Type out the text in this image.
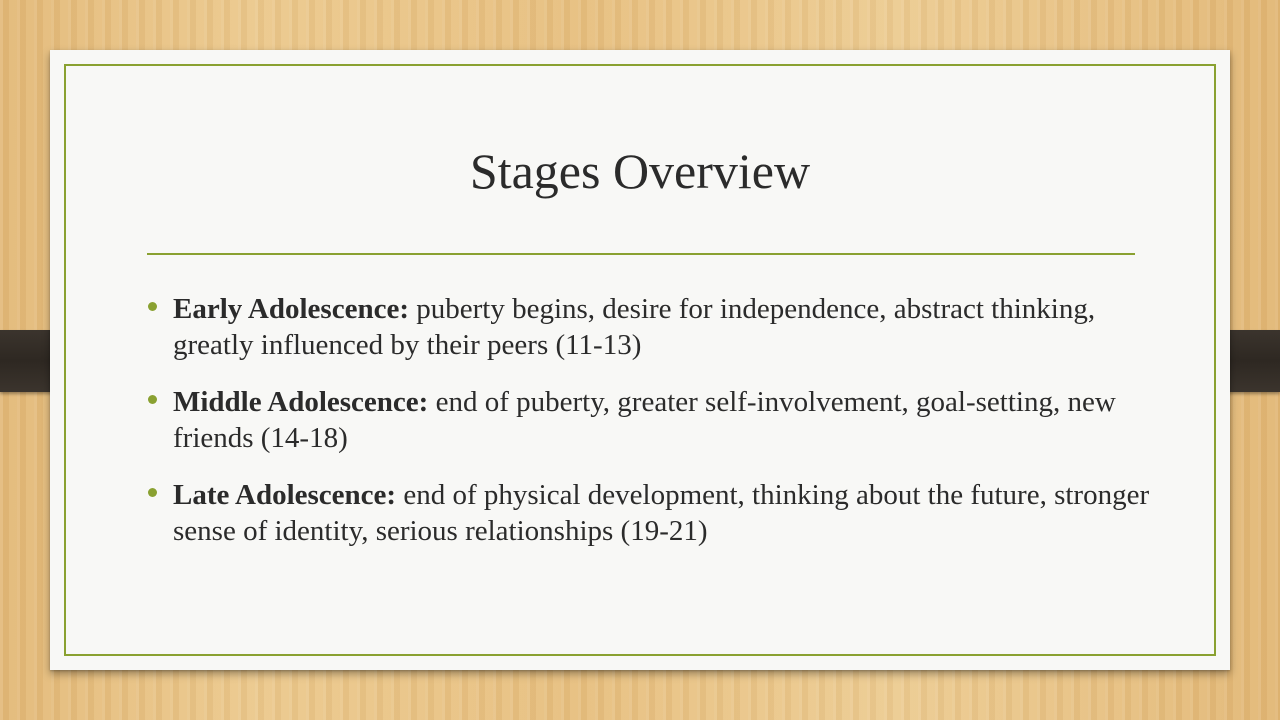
Stages Overview
Early Adolescence: puberty begins, desire for independence, abstract thinking, greatly influenced by their peers (11-13)
Middle Adolescence: end of puberty, greater self-involvement, goal-setting, new friends (14-18)
Late Adolescence: end of physical development, thinking about the future, stronger sense of identity, serious relationships (19-21)
